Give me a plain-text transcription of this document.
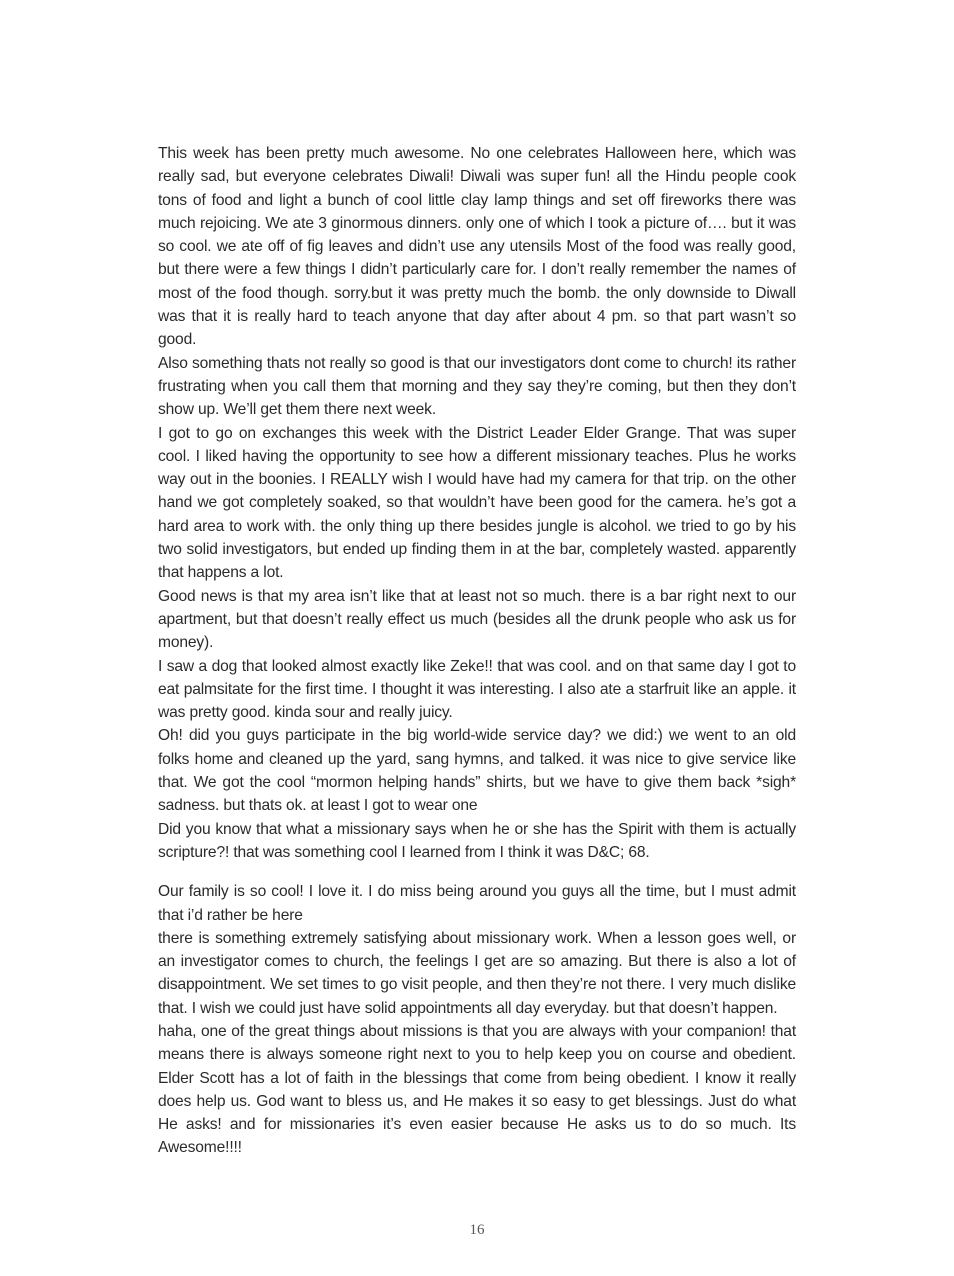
This week has been pretty much awesome. No one celebrates Halloween here, which was really sad, but everyone celebrates Diwali! Diwali was super fun! all the Hindu people cook tons of food and light a bunch of cool little clay lamp things and set off fireworks there was much rejoicing. We ate 3 ginormous dinners. only one of which I took a picture of…. but it was so cool. we ate off of fig leaves and didn’t use any utensils Most of the food was really good, but there were a few things I didn’t particularly care for. I don’t really remember the names of most of the food though. sorry.but it was pretty much the bomb. the only downside to Diwall was that it is really hard to teach anyone that day after about 4 pm. so that part wasn’t so good.

Also something thats not really so good is that our investigators dont come to church! its rather frustrating when you call them that morning and they say they’re coming, but then they don’t show up. We’ll get them there next week.

I got to go on exchanges this week with the District Leader Elder Grange. That was super cool. I liked having the opportunity to see how a different missionary teaches. Plus he works way out in the boonies. I REALLY wish I would have had my camera for that trip. on the other hand we got completely soaked, so that wouldn’t have been good for the camera. he’s got a hard area to work with. the only thing up there besides jungle is alcohol. we tried to go by his two solid investigators, but ended up finding them in at the bar, completely wasted. apparently that happens a lot.

Good news is that my area isn’t like that at least not so much. there is a bar right next to our apartment, but that doesn’t really effect us much (besides all the drunk people who ask us for money).

I saw a dog that looked almost exactly like Zeke!! that was cool. and on that same day I got to eat palmsitate for the first time. I thought it was interesting. I also ate a starfruit like an apple. it was pretty good. kinda sour and really juicy.

Oh! did you guys participate in the big world-wide service day? we did:) we went to an old folks home and cleaned up the yard, sang hymns, and talked. it was nice to give service like that. We got the cool “mormon helping hands” shirts, but we have to give them back *sigh* sadness. but thats ok. at least I got to wear one

Did you know that what a missionary says when he or she has the Spirit with them is actually scripture?! that was something cool I learned from I think it was D&C; 68.

Our family is so cool! I love it. I do miss being around you guys all the time, but I must admit that i’d rather be here

there is something extremely satisfying about missionary work. When a lesson goes well, or an investigator comes to church, the feelings I get are so amazing. But there is also a lot of disappointment. We set times to go visit people, and then they’re not there. I very much dislike that. I wish we could just have solid appointments all day everyday. but that doesn’t happen.

haha, one of the great things about missions is that you are always with your companion! that means there is always someone right next to you to help keep you on course and obedient. Elder Scott has a lot of faith in the blessings that come from being obedient. I know it really does help us. God want to bless us, and He makes it so easy to get blessings. Just do what He asks! and for missionaries it’s even easier because He asks us to do so much. Its Awesome!!!!

16
